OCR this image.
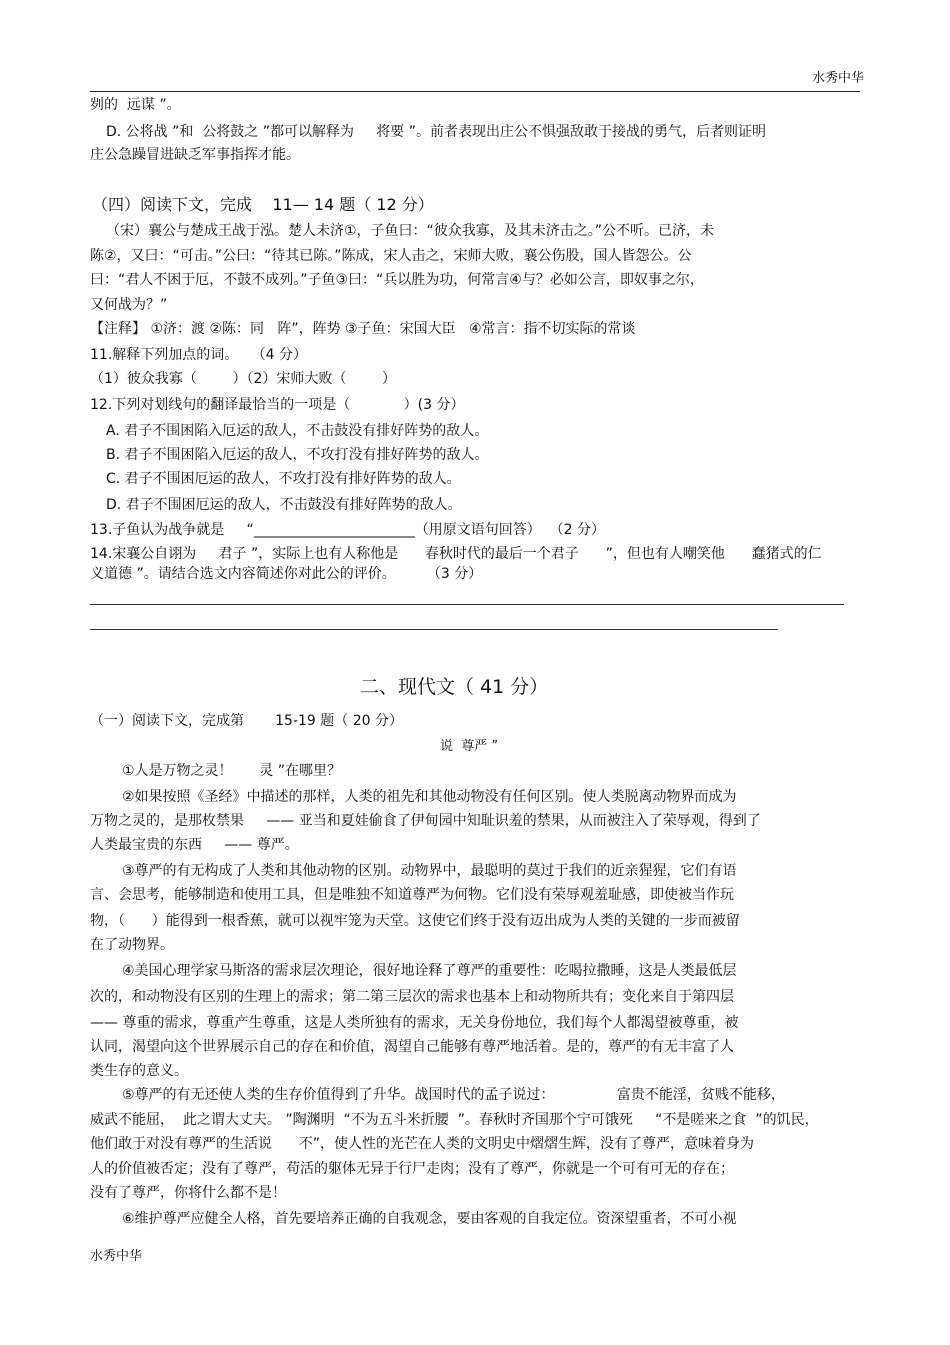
水秀中华
刿的  远谋 ”。
D. 公将战 ”和  公将鼓之 ”都可以解释为     将要 ”。前者表现出庄公不惧强敌敢于接战的勇气，后者则证明
庄公急躁冒进缺乏军事指挥才能。
（四）阅读下文，完成    11— 14 题（ 12 分）
（宋）襄公与楚成王战于泓。楚人未济①，子鱼曰：“彼众我寡，及其未济击之。”公不听。已济，未
陈②，又曰：“可击。”公曰：“待其已陈。”陈成，宋人击之，宋师大败，襄公伤股，国人皆怨公。公
曰：“君人不困于厄，不鼓不成列。”子鱼③曰：“兵以胜为功，何常言④与？必如公言，即奴事之尔，
又何战为？”
【注释】 ①济：渡 ②陈：同   阵”，阵势 ③子鱼：宋国大臣   ④常言：指不切实际的常谈
11.解释下列加点的词。   （4 分）
（1）彼众我寡（        ）（2）宋师大败（        ）
12.下列对划线句的翻译最恰当的一项是（            ）(3 分）
A. 君子不围困陷入厄运的敌人，不击鼓没有排好阵势的敌人。
B. 君子不围困陷入厄运的敌人，不攻打没有排好阵势的敌人。
C. 君子不围困厄运的敌人，不攻打没有排好阵势的敌人。
D. 君子不围困厄运的敌人，不击鼓没有排好阵势的敌人。
13.子鱼认为战争就是     “_______________________（用原文语句回答）  （2 分）
14.宋襄公自诩为     君子 ”，实际上也有人称他是      春秋时代的最后一个君子      ”，但也有人嘲笑他      蠢猪式的仁
义道德 ”。请结合选文内容简述你对此公的评价。       （3 分）
二、现代文（ 41 分）
（一）阅读下文，完成第       15-19 题（ 20 分）
说  尊严 ”
①人是万物之灵！      灵 ”在哪里？
②如果按照《圣经》中描述的那样，人类的祖先和其他动物没有任何区别。使人类脱离动物界而成为
万物之灵的，是那枚禁果     —— 亚当和夏娃偷食了伊甸园中知耻识羞的禁果，从而被注入了荣辱观，得到了
人类最宝贵的东西     —— 尊严。
③尊严的有无构成了人类和其他动物的区别。动物界中，最聪明的莫过于我们的近亲猩猩，它们有语
言、会思考，能够制造和使用工具，但是唯独不知道尊严为何物。它们没有荣辱观羞耻感，即使被当作玩
物，（      ）能得到一根香蕉，就可以视牢笼为天堂。这使它们终于没有迈出成为人类的关键的一步而被留
在了动物界。
④美国心理学家马斯洛的需求层次理论，很好地诠释了尊严的重要性：吃喝拉撒睡，这是人类最低层
次的，和动物没有区别的生理上的需求；第二第三层次的需求也基本上和动物所共有；变化来自于第四层
—— 尊重的需求，尊重产生尊重，这是人类所独有的需求，无关身份地位，我们每个人都渴望被尊重，被
认同，渴望向这个世界展示自己的存在和价值，渴望自己能够有尊严地活着。是的，尊严的有无丰富了人
类生存的意义。
⑤尊严的有无还使人类的生存价值得到了升华。战国时代的孟子说过：              富贵不能淫，贫贱不能移，
威武不能屈，  此之谓大丈夫。 ”陶渊明  “不为五斗米折腰  ”。春秋时齐国那个宁可饿死     “不是嗟来之食  ”的饥民，
他们敢于对没有尊严的生活说      不”，使人性的光芒在人类的文明史中熠熠生辉，没有了尊严，意味着身为
人的价值被否定；没有了尊严，苟活的躯体无异于行尸走肉；没有了尊严，你就是一个可有可无的存在；
没有了尊严，你将什么都不是！
⑥维护尊严应健全人格，首先要培养正确的自我观念，要由客观的自我定位。资深望重者，不可小视
水秀中华
